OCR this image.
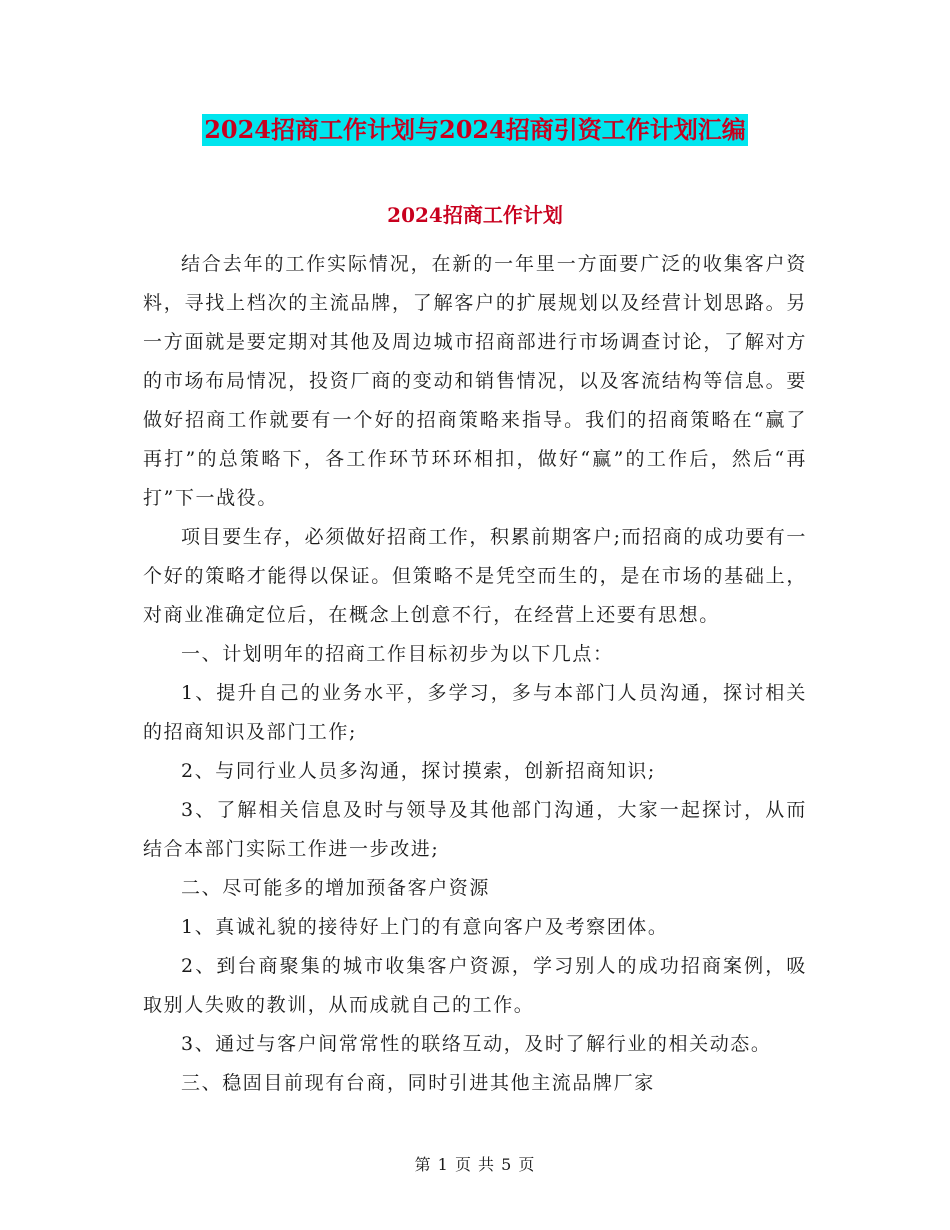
2024招商工作计划与2024招商引资工作计划汇编
2024招商工作计划

结合去年的工作实际情况，在新的一年里一方面要广泛的收集客户资料，寻找上档次的主流品牌，了解客户的扩展规划以及经营计划思路。另一方面就是要定期对其他及周边城市招商部进行市场调查讨论，了解对方的市场布局情况，投资厂商的变动和销售情况，以及客流结构等信息。要做好招商工作就要有一个好的招商策略来指导。我们的招商策略在“赢了再打”的总策略下，各工作环节环环相扣，做好“赢”的工作后，然后“再打”下一战役。

项目要生存，必须做好招商工作，积累前期客户;而招商的成功要有一个好的策略才能得以保证。但策略不是凭空而生的，是在市场的基础上，对商业准确定位后，在概念上创意不行，在经营上还要有思想。

一、计划明年的招商工作目标初步为以下几点：

1、提升自己的业务水平，多学习，多与本部门人员沟通，探讨相关的招商知识及部门工作;

2、与同行业人员多沟通，探讨摸索，创新招商知识;

3、了解相关信息及时与领导及其他部门沟通，大家一起探讨，从而结合本部门实际工作进一步改进;

二、尽可能多的增加预备客户资源

1、真诚礼貌的接待好上门的有意向客户及考察团体。

2、到台商聚集的城市收集客户资源，学习别人的成功招商案例，吸取别人失败的教训，从而成就自己的工作。

3、通过与客户间常常性的联络互动，及时了解行业的相关动态。

三、稳固目前现有台商，同时引进其他主流品牌厂家

第 1 页 共 5 页
